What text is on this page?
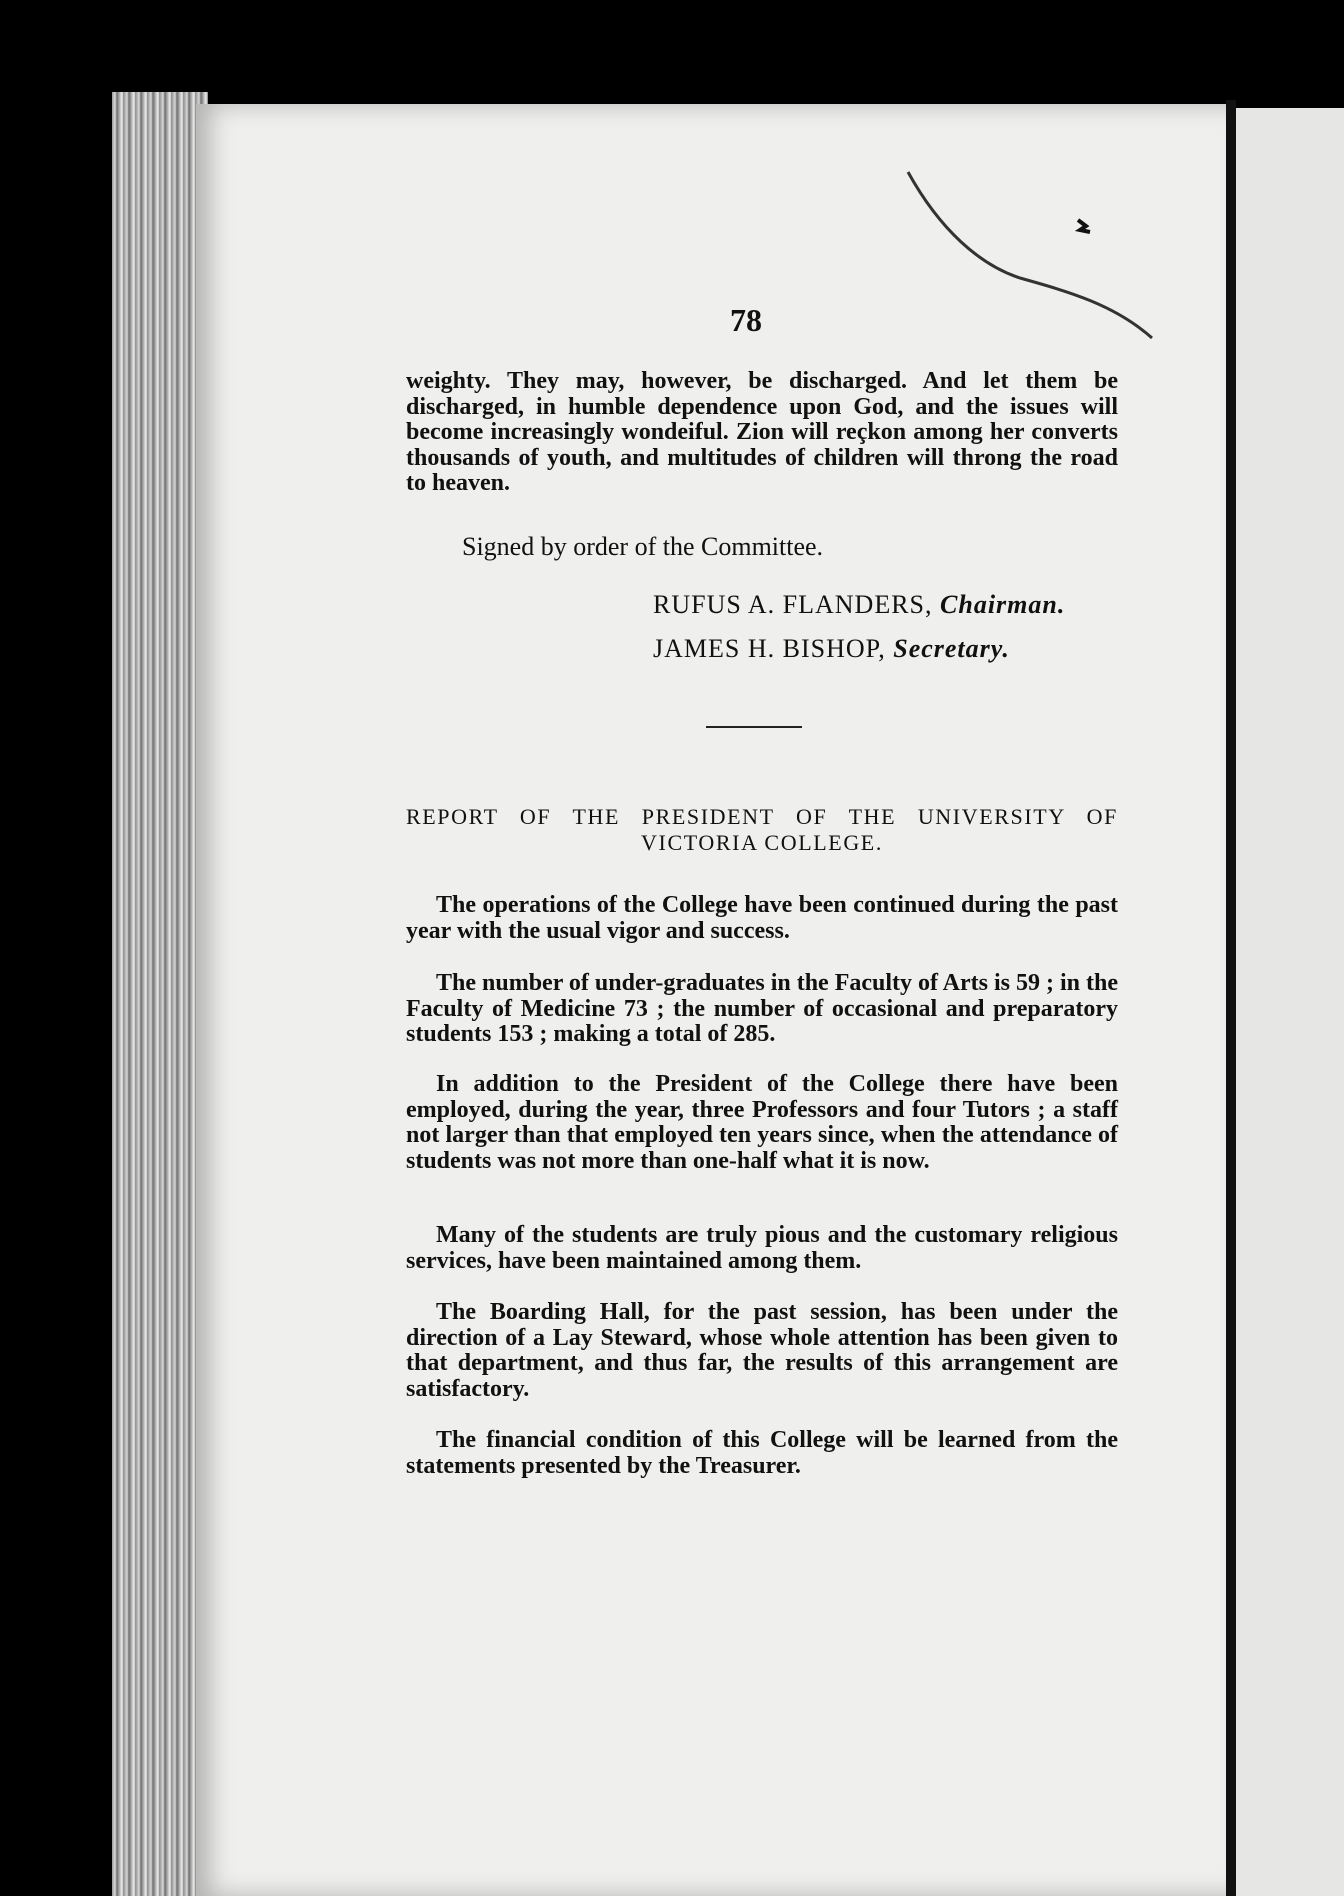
78
weighty. They may, however, be discharged. And let them be discharged, in humble dependence upon God, and the issues will become increasingly wondeiful. Zion will reçkon among her converts thousands of youth, and multitudes of children will throng the road to heaven.
Signed by order of the Committee.
RUFUS A. FLANDERS, Chairman.
JAMES H. BISHOP, Secretary.
REPORT OF THE PRESIDENT OF THE UNIVERSITY OF
VICTORIA COLLEGE.
The operations of the College have been continued during the past year with the usual vigor and success.
The number of under-graduates in the Faculty of Arts is 59 ; in the Faculty of Medicine 73 ; the number of occasional and preparatory students 153 ; making a total of 285.
In addition to the President of the College there have been employed, during the year, three Professors and four Tutors ; a staff not larger than that employed ten years since, when the attendance of students was not more than one-half what it is now.
Many of the students are truly pious and the customary religious services, have been maintained among them.
The Boarding Hall, for the past session, has been under the direction of a Lay Steward, whose whole attention has been given to that department, and thus far, the results of this arrangement are satisfactory.
The financial condition of this College will be learned from the statements presented by the Treasurer.
